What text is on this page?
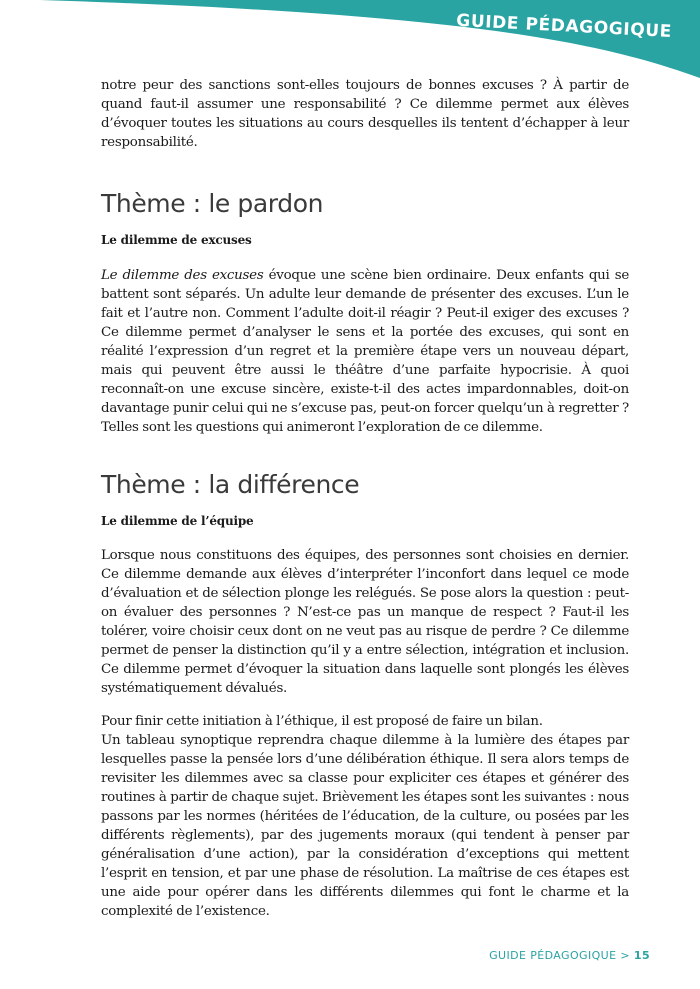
GUIDE PÉDAGOGIQUE

notre peur des sanctions sont-elles toujours de bonnes excuses ? À partir de quand faut-il assumer une responsabilité ? Ce dilemme permet aux élèves d’évoquer toutes les situations au cours desquelles ils tentent d’échapper à leur responsabilité.

Thème : le pardon
Le dilemme de excuses

Le dilemme des excuses évoque une scène bien ordinaire. Deux enfants qui se battent sont séparés. Un adulte leur demande de présenter des excuses. L’un le fait et l’autre non. Comment l’adulte doit-il réagir ? Peut-il exiger des excuses ? Ce dilemme permet d’analyser le sens et la portée des excuses, qui sont en réalité l’expression d’un regret et la première étape vers un nouveau départ, mais qui peuvent être aussi le théâtre d’une parfaite hypocrisie. À quoi reconnaît-on une excuse sincère, existe-t-il des actes impardonnables, doit-on davantage punir celui qui ne s’excuse pas, peut-on forcer quelqu’un à regretter ? Telles sont les questions qui animeront l’exploration de ce dilemme.

Thème : la différence
Le dilemme de l’équipe

Lorsque nous constituons des équipes, des personnes sont choisies en dernier. Ce dilemme demande aux élèves d’interpréter l’inconfort dans lequel ce mode d’évaluation et de sélection plonge les relégués. Se pose alors la question : peut-on évaluer des personnes ? N’est-ce pas un manque de respect ? Faut-il les tolérer, voire choisir ceux dont on ne veut pas au risque de perdre ? Ce dilemme permet de penser la distinction qu’il y a entre sélection, intégration et inclusion. Ce dilemme permet d’évoquer la situation dans laquelle sont plongés les élèves systématiquement dévalués.

Pour finir cette initiation à l’éthique, il est proposé de faire un bilan.

Un tableau synoptique reprendra chaque dilemme à la lumière des étapes par lesquelles passe la pensée lors d’une délibération éthique. Il sera alors temps de revisiter les dilemmes avec sa classe pour expliciter ces étapes et générer des routines à partir de chaque sujet. Brièvement les étapes sont les suivantes : nous passons par les normes (héritées de l’éducation, de la culture, ou posées par les différents règlements), par des jugements moraux (qui tendent à penser par généralisation d’une action), par la considération d’exceptions qui mettent l’esprit en tension, et par une phase de résolution. La maîtrise de ces étapes est une aide pour opérer dans les différents dilemmes qui font le charme et la complexité de l’existence.

GUIDE PÉDAGOGIQUE > 15
